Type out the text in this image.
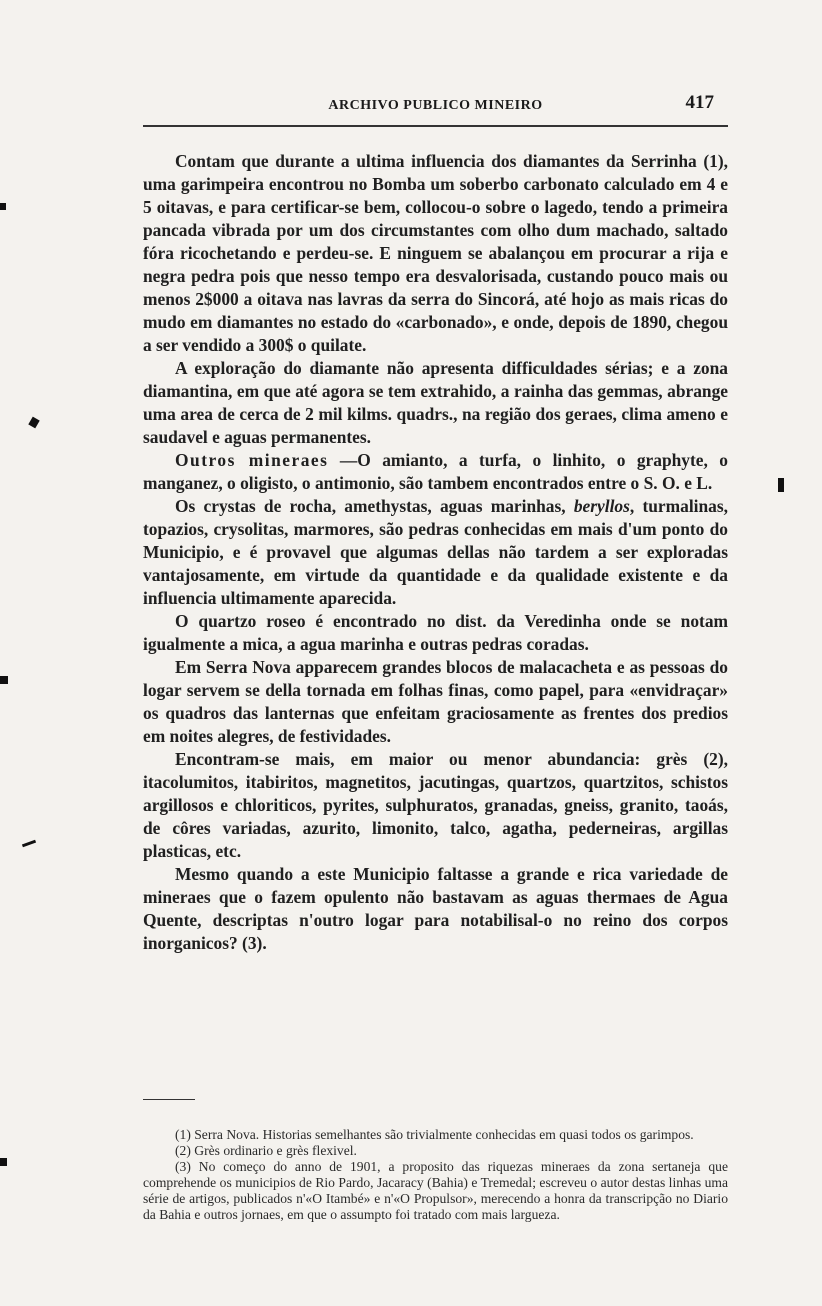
ARCHIVO PUBLICO MINEIRO	417

Contam que durante a ultima influencia dos diamantes da Serrinha (1), uma garimpeira encontrou no Bomba um soberbo carbonato calculado em 4 e 5 oitavas, e para certificar-se bem, collocou-o sobre o lagedo, tendo a primeira pancada vibrada por um dos circumstantes com olho dum machado, saltado fóra ricochetando e perdeu-se. E ninguem se abalançou em procurar a rija e negra pedra pois que nesso tempo era desvalorisada, custando pouco mais ou menos 2$000 a oitava nas lavras da serra do Sincorá, até hojo as mais ricas do mudo em diamantes no estado do «carbonado», e onde, depois de 1890, chegou a ser vendido a 300$ o quilate.

A exploração do diamante não apresenta difficuldades sérias; e a zona diamantina, em que até agora se tem extrahido, a rainha das gemmas, abrange uma area de cerca de 2 mil kilms. quadrs., na região dos geraes, clima ameno e saudavel e aguas permanentes.

Outros mineraes —O amianto, a turfa, o linhito, o graphyte, o manganez, o oligisto, o antimonio, são tambem encontrados entre o S. O. e L.

Os crystas de rocha, amethystas, aguas marinhas, beryllos, turmalinas, topazios, crysolitas, marmores, são pedras conhecidas em mais d'um ponto do Municipio, e é provavel que algumas dellas não tardem a ser exploradas vantajosamente, em virtude da quantidade e da qualidade existente e da influencia ultimamente aparecida.

O quartzo roseo é encontrado no dist. da Veredinha onde se notam igualmente a mica, a agua marinha e outras pedras coradas.

Em Serra Nova apparecem grandes blocos de malacacheta e as pessoas do logar servem se della tornada em folhas finas, como papel, para «envidraçar» os quadros das lanternas que enfeitam graciosamente as frentes dos predios em noites alegres, de festividades.

Encontram-se mais, em maior ou menor abundancia: grès (2), itacolumitos, itabiritos, magnetitos, jacutingas, quartzos, quartzitos, schistos argillosos e chloriticos, pyrites, sulphuratos, granadas, gneiss, granito, taoás, de côres variadas, azurito, limonito, talco, agatha, pederneiras, argillas plasticas, etc.

Mesmo quando a este Municipio faltasse a grande e rica variedade de mineraes que o fazem opulento não bastavam as aguas thermaes de Agua Quente, descriptas n'outro logar para notabilisal-o no reino dos corpos inorganicos? (3).

(1) Serra Nova. Historias semelhantes são trivialmente conhecidas em quasi todos os garimpos.

(2) Grès ordinario e grès flexivel.

(3) No começo do anno de 1901, a proposito das riquezas mineraes da zona sertaneja que comprehende os municipios de Rio Pardo, Jacaracy (Bahia) e Tremedal; escreveu o autor destas linhas uma série de artigos, publicados n'«O Itambé» e n'«O Propulsor», merecendo a honra da transcripção no Diario da Bahia e outros jornaes, em que o assumpto foi tratado com mais largueza.
